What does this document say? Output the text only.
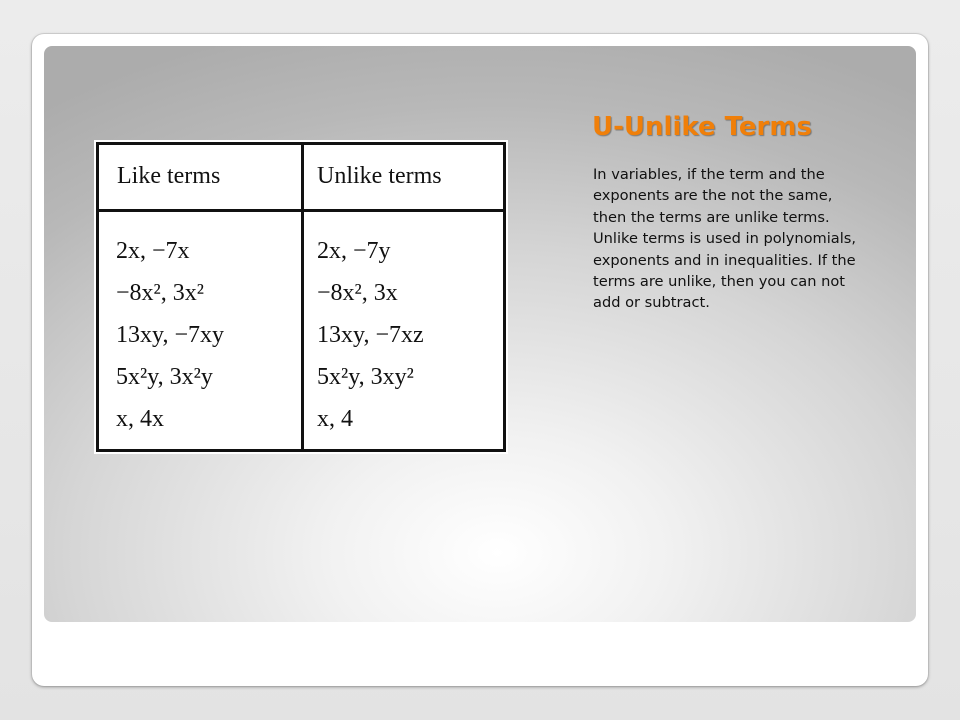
Like terms	Unlike terms
2x, −7x
−8x², 3x²
13xy, −7xy
5x²y, 3x²y
x, 4x
2x, −7y
−8x², 3x
13xy, −7xz
5x²y, 3xy²
x, 4
U-Unlike Terms

In variables, if the term and the exponents are the not the same, then the terms are unlike terms. Unlike terms is used in polynomials, exponents and in inequalities. If the terms are unlike, then you can not add or subtract.
